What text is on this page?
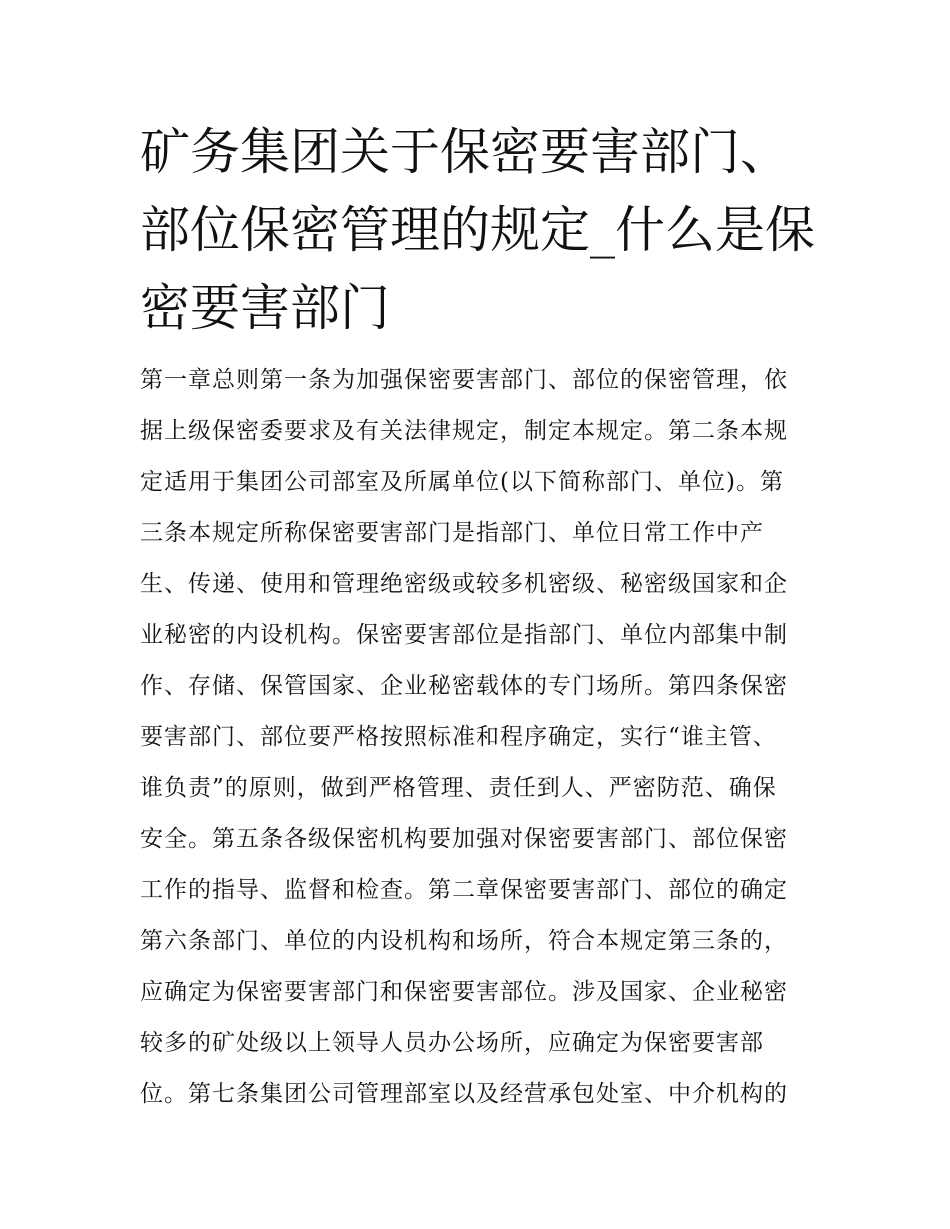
矿务集团关于保密要害部门、
部位保密管理的规定_什么是保
密要害部门
第一章总则第一条为加强保密要害部门、部位的保密管理，依
据上级保密委要求及有关法律规定，制定本规定。第二条本规
定适用于集团公司部室及所属单位(以下简称部门、单位)。第
三条本规定所称保密要害部门是指部门、单位日常工作中产
生、传递、使用和管理绝密级或较多机密级、秘密级国家和企
业秘密的内设机构。保密要害部位是指部门、单位内部集中制
作、存储、保管国家、企业秘密载体的专门场所。第四条保密
要害部门、部位要严格按照标准和程序确定，实行“谁主管、
谁负责”的原则，做到严格管理、责任到人、严密防范、确保
安全。第五条各级保密机构要加强对保密要害部门、部位保密
工作的指导、监督和检查。第二章保密要害部门、部位的确定
第六条部门、单位的内设机构和场所，符合本规定第三条的，
应确定为保密要害部门和保密要害部位。涉及国家、企业秘密
较多的矿处级以上领导人员办公场所，应确定为保密要害部
位。第七条集团公司管理部室以及经营承包处室、中介机构的
